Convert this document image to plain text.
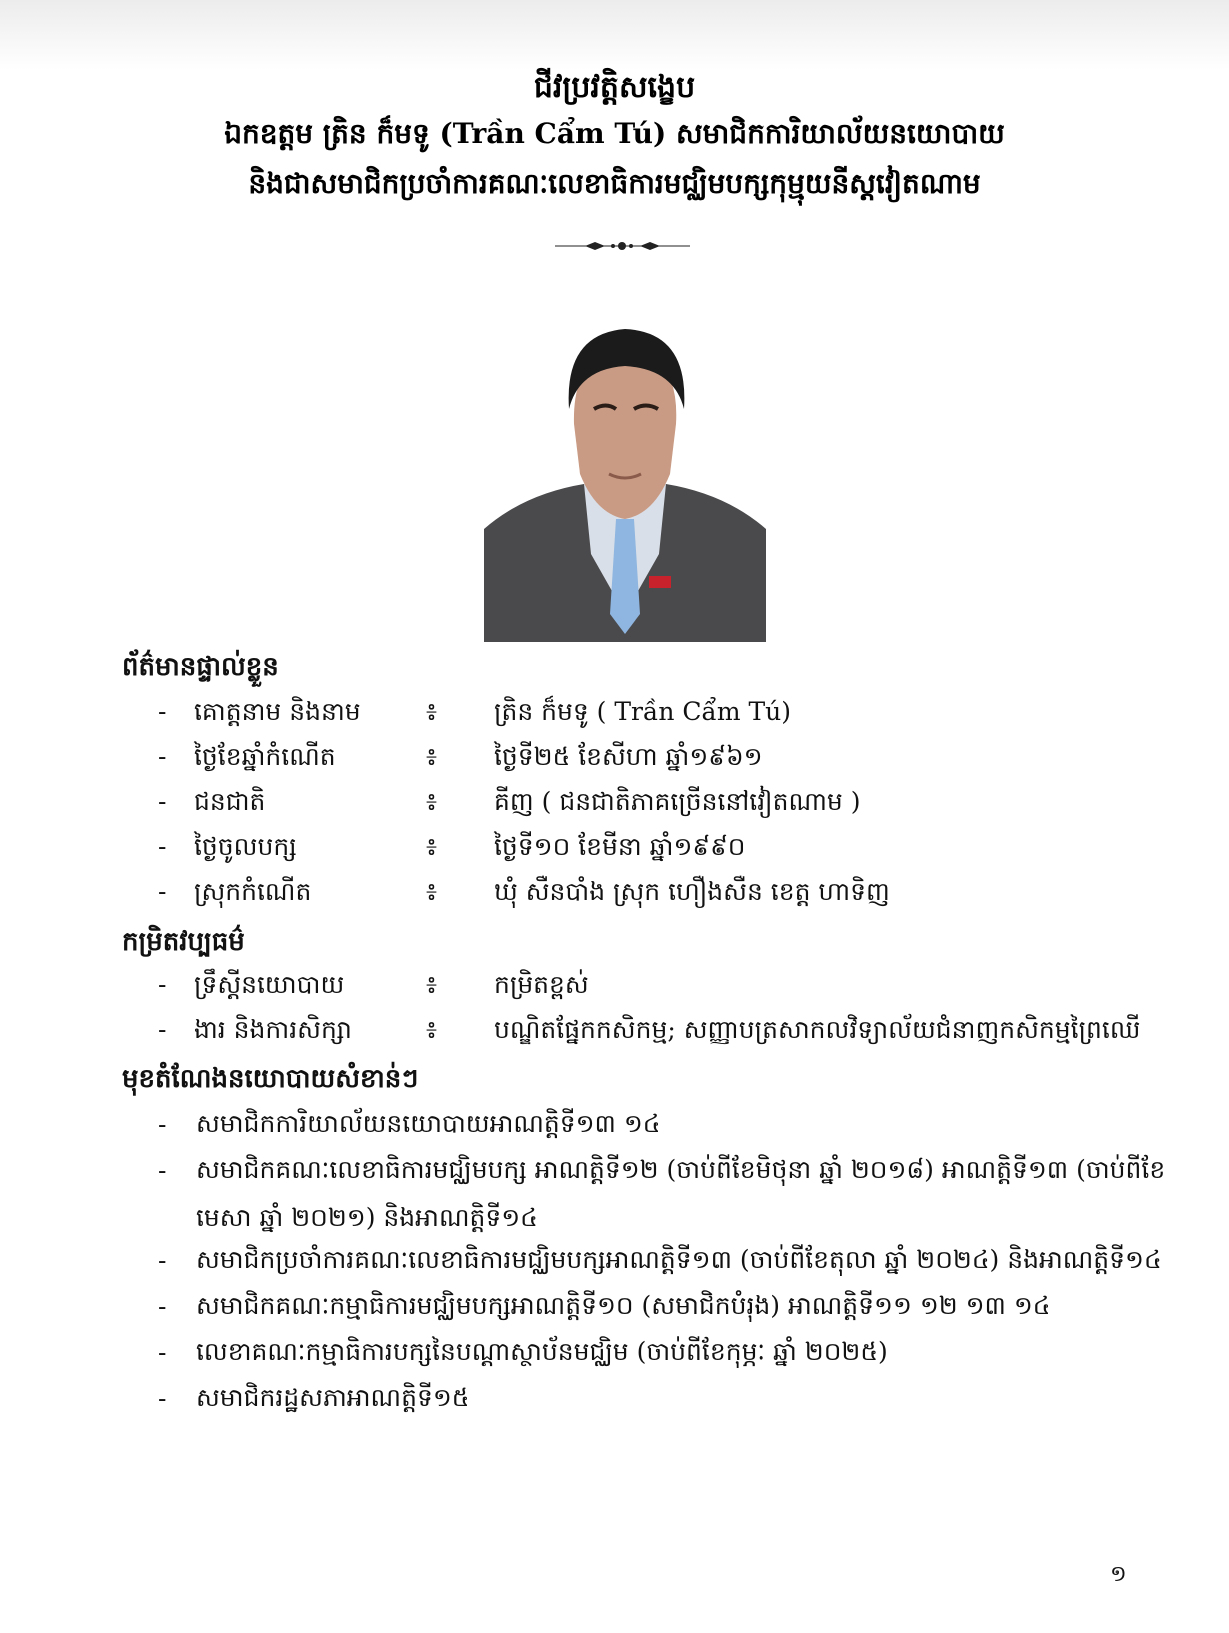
ជីវប្រវត្តិសង្ខេប
ឯកឧត្តម ត្រិន ក៏មទូ (Trần Cẩm Tú) សមាជិកការិយាល័យនយោបាយ
និងជាសមាជិកប្រចាំការគណៈលេខាធិការមជ្ឈិមបក្សកុម្មុយនីស្តវៀតណាម
ព័ត៌មានផ្ទាល់ខ្លួន
- គោត្តនាម និងនាម	៖ ត្រិន ក៏មទូ ( Trần Cẩm Tú)
- ថ្ងៃខែឆ្នាំកំណើត	៖ ថ្ងៃទី២៥ ខែសីហា ឆ្នាំ១៩៦១
- ជនជាតិ	៖ គីញ ( ជនជាតិភាគច្រើននៅវៀតណាម )
- ថ្ងៃចូលបក្ស	៖ ថ្ងៃទី១០ ខែមីនា ឆ្នាំ១៩៩០
- ស្រុកកំណើត	៖ ឃុំ សឺនបាំង ស្រុក ហឿងសឺន ខេត្ត ហាទិញ
កម្រិតវប្បធម៌
- ទ្រឹស្តីនយោបាយ	៖ កម្រិតខ្ពស់
- ងារ និងការសិក្សា	៖ បណ្ឌិតផ្នែកកសិកម្ម; សញ្ញាបត្រសាកលវិទ្យាល័យជំនាញកសិកម្មព្រៃឈើ
មុខតំណែងនយោបាយសំខាន់ៗ
- សមាជិកការិយាល័យនយោបាយអាណត្តិទី១៣ ១៤
- សមាជិកគណៈលេខាធិការមជ្ឈិមបក្ស អាណត្តិទី១២ (ចាប់ពីខែមិថុនា ឆ្នាំ ២០១៨) អាណត្តិទី១៣ (ចាប់ពីខែមេសា ឆ្នាំ ២០២១) និងអាណត្តិទី១៤
- សមាជិកប្រចាំការគណៈលេខាធិការមជ្ឈិមបក្សអាណត្តិទី១៣ (ចាប់ពីខែតុលា ឆ្នាំ ២០២៤) និងអាណត្តិទី១៤
- សមាជិកគណៈកម្មាធិការមជ្ឈិមបក្សអាណត្តិទី១០ (សមាជិកបំរុង) អាណត្តិទី១១ ១២ ១៣ ១៤
- លេខាគណៈកម្មាធិការបក្សនៃបណ្តាស្ថាប័នមជ្ឈិម (ចាប់ពីខែកុម្ភៈ ឆ្នាំ ២០២៥)
- សមាជិករដ្ឋសភាអាណត្តិទី១៥
១
